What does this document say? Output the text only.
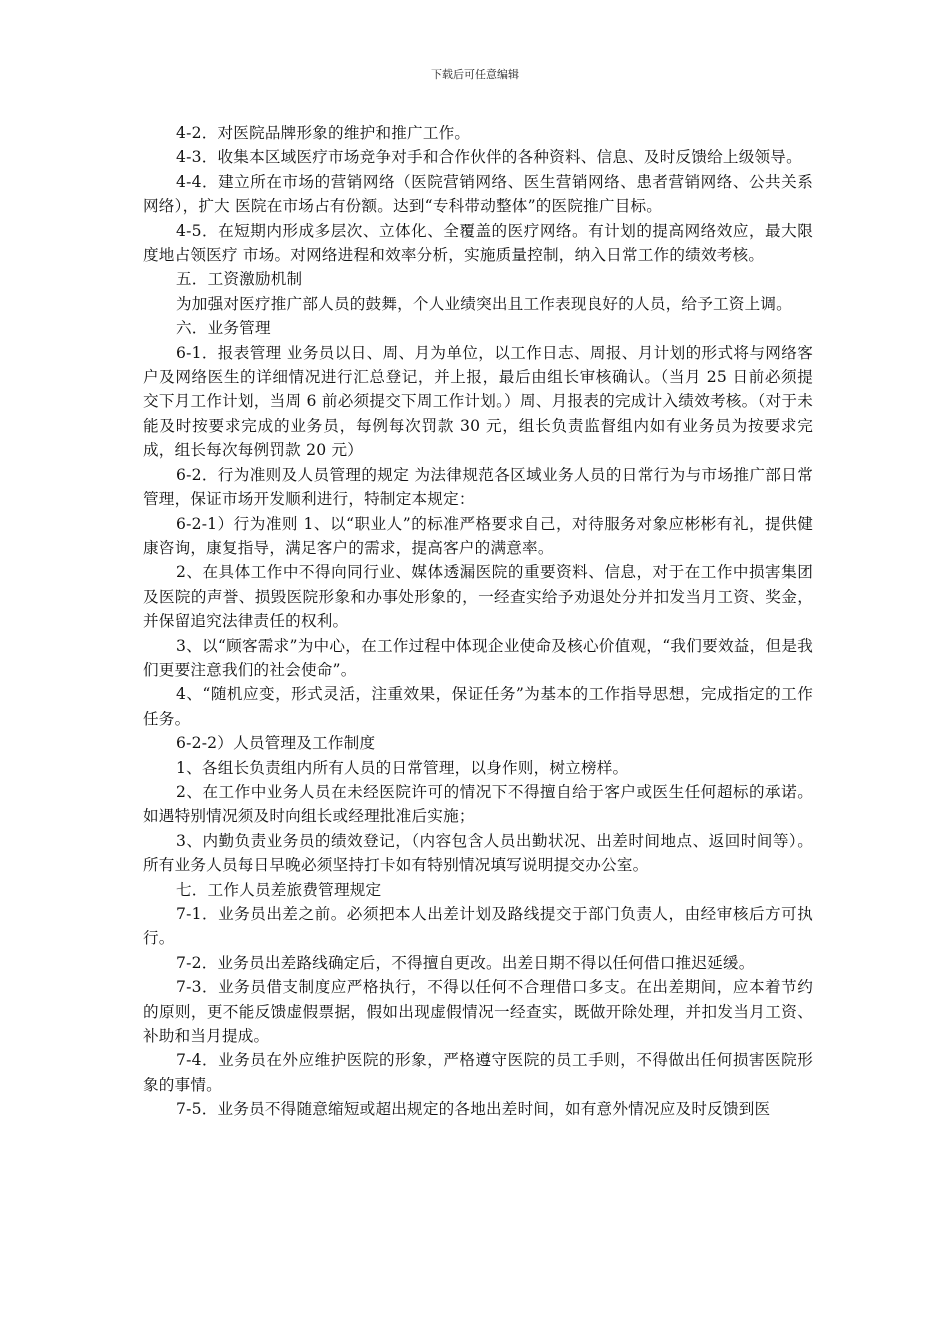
下载后可任意编辑

4-2．对医院品牌形象的维护和推广工作。

4-3．收集本区域医疗市场竞争对手和合作伙伴的各种资料、信息、及时反馈给上级领导。

4-4．建立所在市场的营销网络（医院营销网络、医生营销网络、患者营销网络、公共关系网络），扩大 医院在市场占有份额。达到“专科带动整体”的医院推广目标。

4-5．在短期内形成多层次、立体化、全覆盖的医疗网络。有计划的提高网络效应，最大限度地占领医疗 市场。对网络进程和效率分析，实施质量控制，纳入日常工作的绩效考核。

五．工资激励机制

为加强对医疗推广部人员的鼓舞，个人业绩突出且工作表现良好的人员，给予工资上调。

六．业务管理

6-1．报表管理 业务员以日、周、月为单位，以工作日志、周报、月计划的形式将与网络客户及网络医生的详细情况进行汇总登记，并上报，最后由组长审核确认。（当月 25 日前必须提交下月工作计划，当周 6 前必须提交下周工作计划。）周、月报表的完成计入绩效考核。（对于未能及时按要求完成的业务员，每例每次罚款 30 元，组长负责监督组内如有业务员为按要求完成，组长每次每例罚款 20 元）

6-2．行为准则及人员管理的规定 为法律规范各区域业务人员的日常行为与市场推广部日常管理，保证市场开发顺利进行，特制定本规定：

6-2-1）行为准则 1、以“职业人”的标准严格要求自己，对待服务对象应彬彬有礼，提供健康咨询，康复指导，满足客户的需求，提高客户的满意率。

2、在具体工作中不得向同行业、媒体透漏医院的重要资料、信息，对于在工作中损害集团及医院的声誉、损毁医院形象和办事处形象的，一经查实给予劝退处分并扣发当月工资、奖金，并保留追究法律责任的权利。

3、以“顾客需求”为中心，在工作过程中体现企业使命及核心价值观，“我们要效益，但是我们更要注意我们的社会使命”。

4、“随机应变，形式灵活，注重效果，保证任务”为基本的工作指导思想，完成指定的工作任务。

6-2-2）人员管理及工作制度

1、各组长负责组内所有人员的日常管理，以身作则，树立榜样。

2、在工作中业务人员在未经医院许可的情况下不得擅自给于客户或医生任何超标的承诺。如遇特别情况须及时向组长或经理批准后实施；

3、内勤负责业务员的绩效登记，（内容包含人员出勤状况、出差时间地点、返回时间等）。所有业务人员每日早晚必须坚持打卡如有特别情况填写说明提交办公室。

七．工作人员差旅费管理规定

7-1．业务员出差之前。必须把本人出差计划及路线提交于部门负责人，由经审核后方可执行。

7-2．业务员出差路线确定后，不得擅自更改。出差日期不得以任何借口推迟延缓。

7-3．业务员借支制度应严格执行，不得以任何不合理借口多支。在出差期间，应本着节约的原则，更不能反馈虚假票据，假如出现虚假情况一经查实，既做开除处理，并扣发当月工资、补助和当月提成。

7-4．业务员在外应维护医院的形象，严格遵守医院的员工手则，不得做出任何损害医院形象的事情。

7-5．业务员不得随意缩短或超出规定的各地出差时间，如有意外情况应及时反馈到医
